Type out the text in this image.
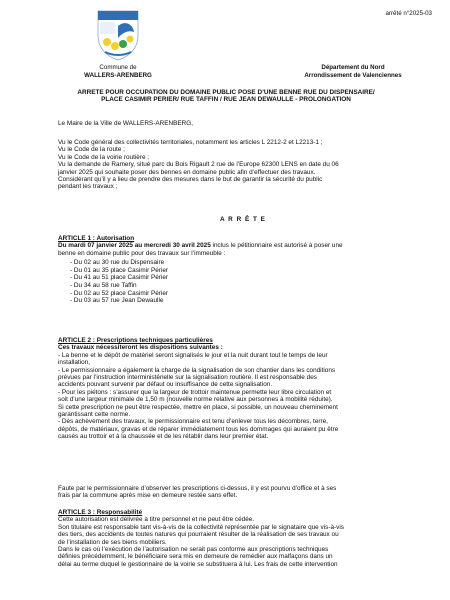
arrêté n°2025-03
Commune de
WALLERS-ARENBERG
Département du Nord
Arrondissement de Valenciennes
ARRETE POUR OCCUPATION DU DOMAINE PUBLIC POSE D’UNE BENNE RUE DU DISPENSAIRE/
PLACE CASIMIR PERIER/ RUE TAFFIN / RUE JEAN DEWAULLE - PROLONGATION
Le Maire de la Ville de WALLERS-ARENBERG,
Vu le Code général des collectivités territoriales, notamment les articles L 2212-2 et L2213-1 ;
Vu le Code de la route ;
Vu le Code de la voirie routière ;
Vu la demande de Ramery, situé parc du Bois Rigault 2 rue de l’Europe 62300 LENS en date du 06
janvier 2025 qui souhaite poser des bennes en domaine public afin d’effectuer des travaux.
Considérant qu’il y a lieu de prendre des mesures dans le but de garantir la sécurité du public
pendant les travaux ;
A R R Ê T E
ARTICLE 1 : Autorisation
Du mardi 07 janvier 2025 au mercredi 30 avril 2025 inclus le pétitionnaire est autorisé à poser une
benne en domaine public pour des travaux sur l’immeuble :
- Du 02 au 30 rue du Dispensaire
- Du 01 au 35 place Casimir Périer
- Du 41 au 51 place Casimir Périer
- Du 34 au 58 rue Taffin
- Du 02 au 52 place Casimir Périer
- Du 03 au 57 rue Jean Dewaulle
ARTICLE 2 : Prescriptions techniques particulières
Ces travaux nécessiteront les dispositions suivantes :
- La benne et le dépôt de matériel seront signalisés le jour et la nuit durant tout le temps de leur
installation,
- Le permissionnaire a également la charge de la signalisation de son chantier dans les conditions
prévues par l’instruction interministérielle sur la signalisation routière. Il est responsable des
accidents pouvant survenir par défaut ou insuffisance de cette signalisation.
- Pour les piétons : s’assurer que la largeur de trottoir maintenue permette leur libre circulation et
soit d’une largeur minimale de 1,50 m (nouvelle norme relative aux personnes à mobilité réduite).
Si cette prescription ne peut être respectée, mettre en place, si possible, un nouveau cheminement
garantissant cette norme.
- Dès achèvement des travaux, le permissionnaire est tenu d’enlever tous les décombres, terre,
dépôts, de matériaux, gravas et de réparer immédiatement tous les dommages qui auraient pu être
causés au trottoir et à la chaussée et de les rétablir dans leur premier état.
Faute par le permissionnaire d’observer les prescriptions ci-dessus, il y est pourvu d’office et à ses
frais par la commune après mise en demeure restée sans effet.
ARTICLE 3 : Responsabilité
Cette autorisation est délivrée à titre personnel et ne peut être cédée.
Son titulaire est responsable tant vis-à-vis de la collectivité représentée par le signataire que vis-à-vis
des tiers, des accidents de toutes natures qui pourraient résulter de la réalisation de ses travaux ou
de l’installation de ses biens mobiliers.
Dans le cas où l’exécution de l’autorisation ne serait pas conforme aux prescriptions techniques
définies précédemment, le bénéficiaire sera mis en demeure de remédier aux malfaçons dans un
délai au terme duquel le gestionnaire de la voirie se substituera à lui. Les frais de cette intervention
